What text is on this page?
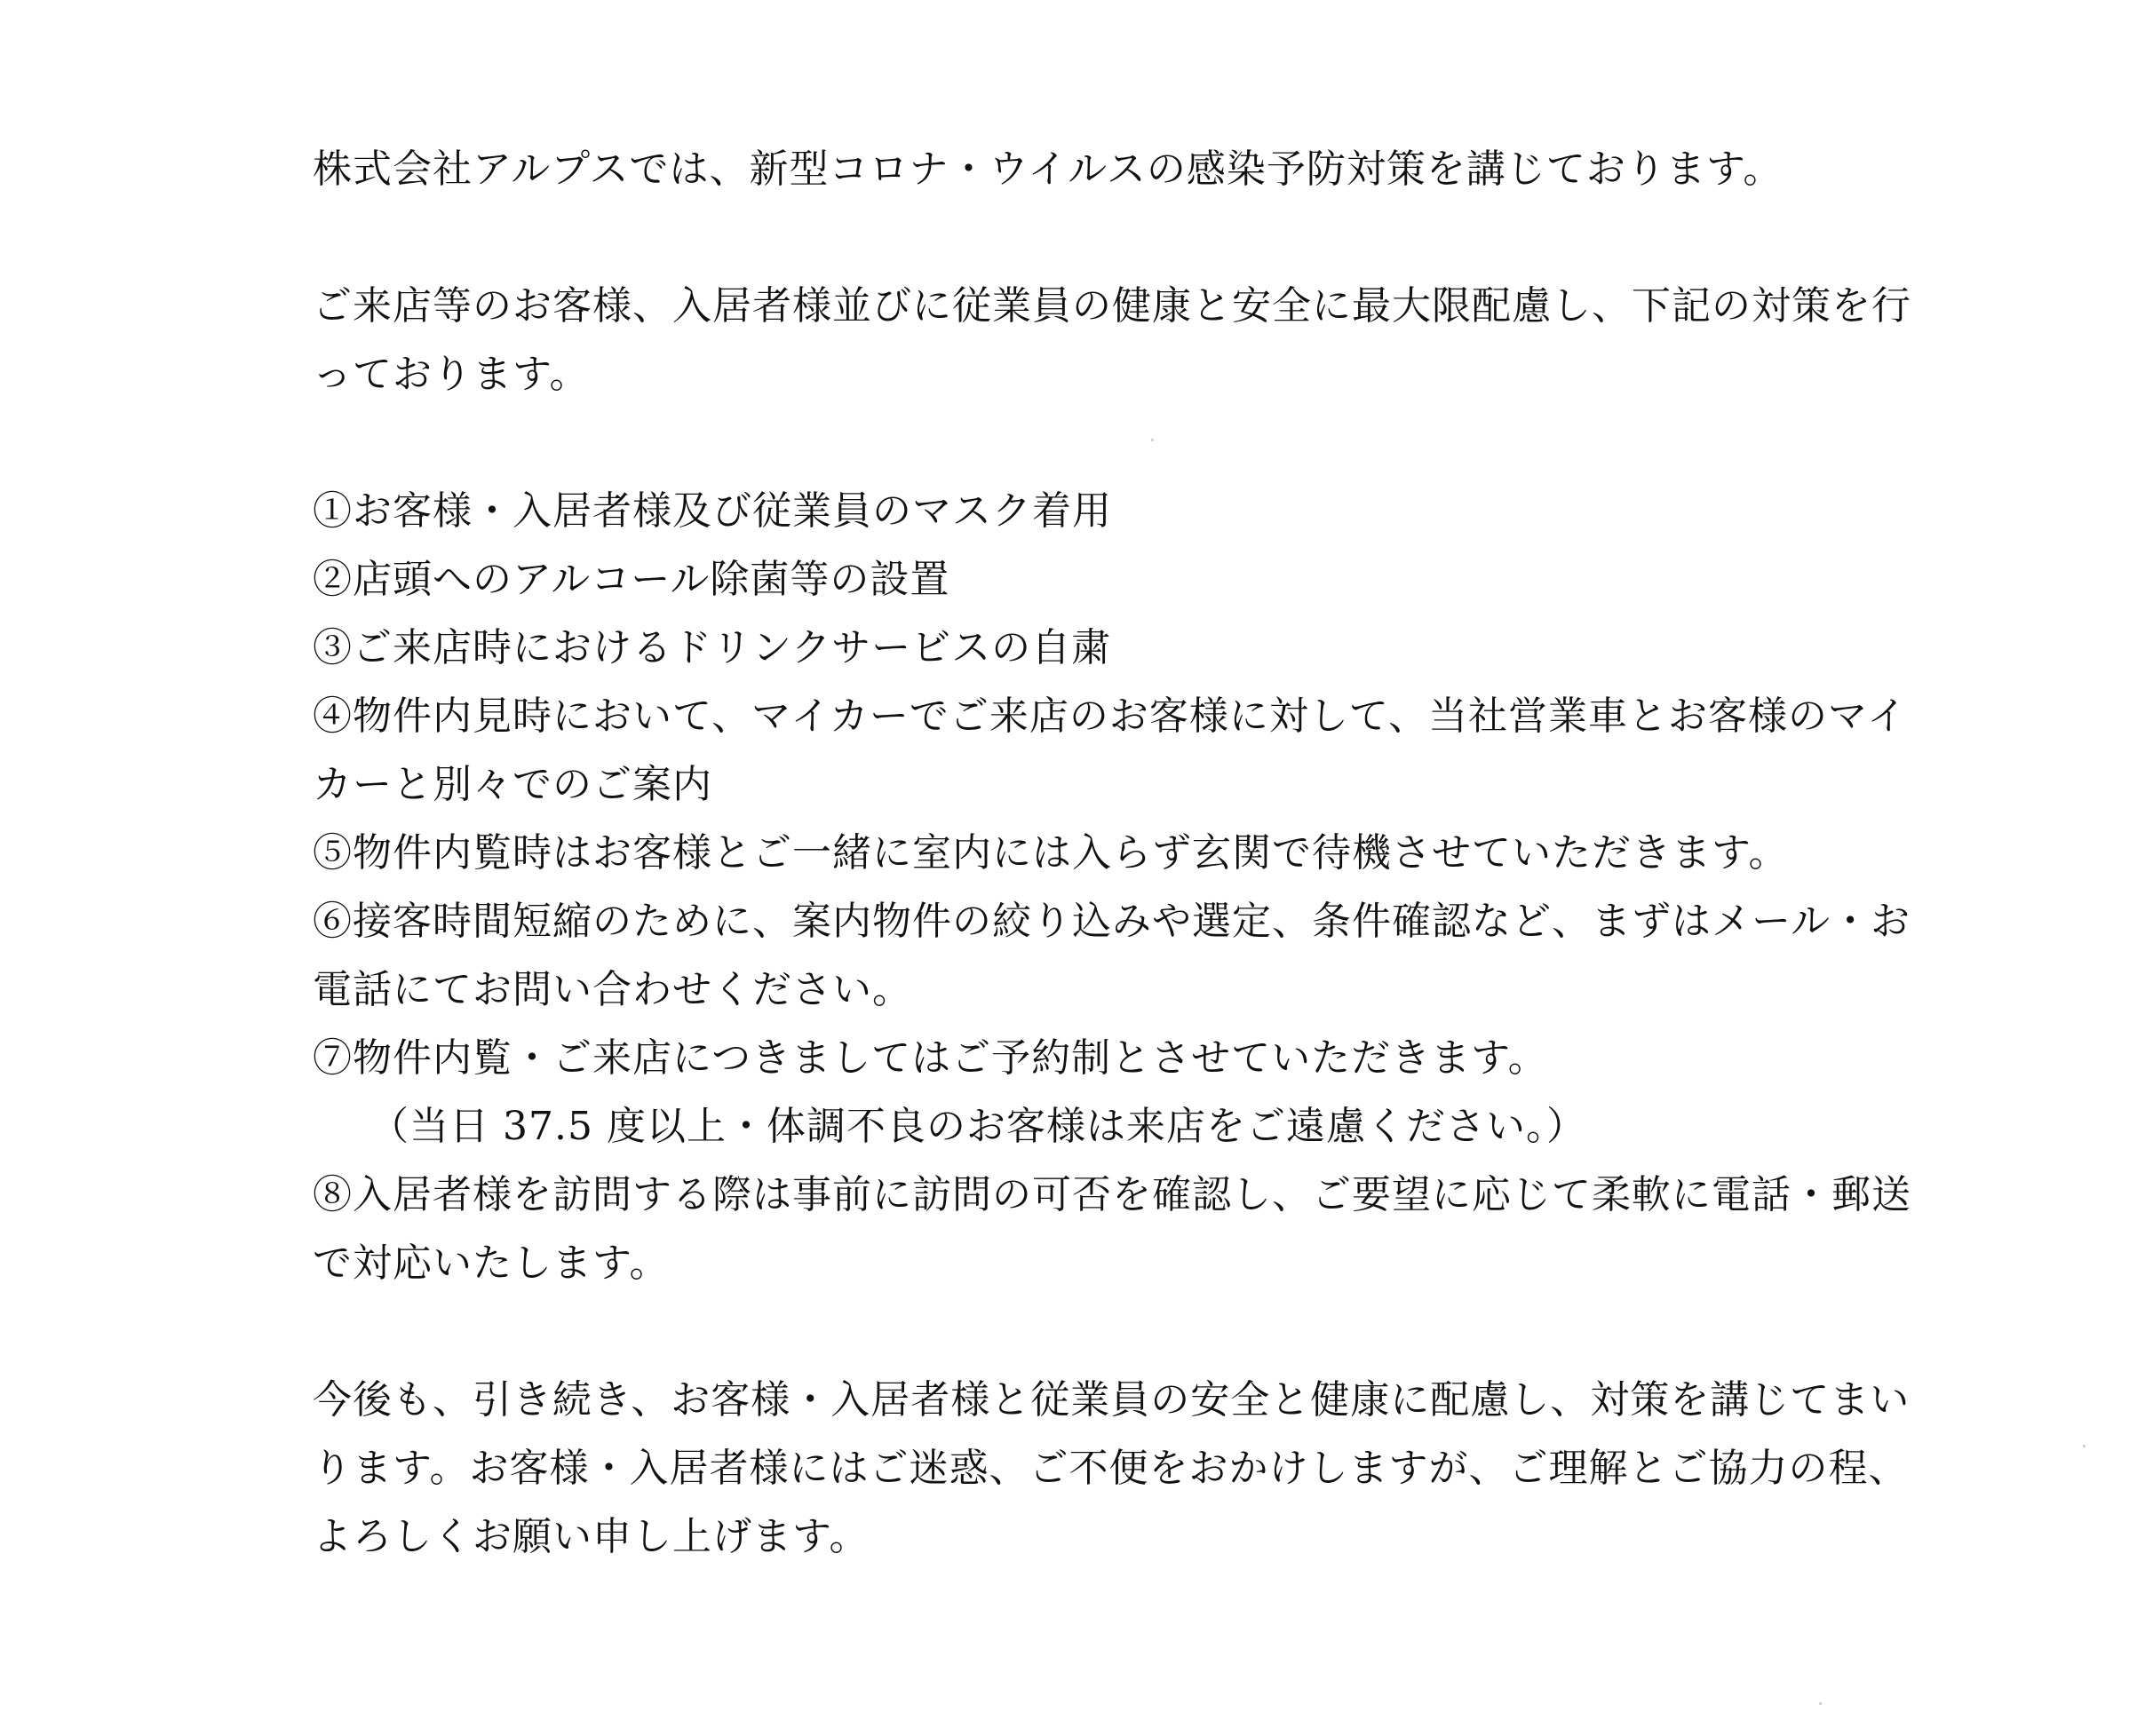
株式会社アルプスでは、新型コロナ・ウイルスの感染予防対策を講じております。
ご来店等のお客様、入居者様並びに従業員の健康と安全に最大限配慮し、下記の対策を行
っております。
①お客様・入居者様及び従業員のマスク着用
②店頭へのアルコール除菌等の設置
③ご来店時におけるドリンクサービスの自粛
④物件内見時において、マイカーでご来店のお客様に対して、当社営業車とお客様のマイ
カーと別々でのご案内
⑤物件内覧時はお客様とご一緒に室内には入らず玄関で待機させていただきます。
⑥接客時間短縮のために、案内物件の絞り込みや選定、条件確認など、まずはメール・お
電話にてお問い合わせください。
⑦物件内覧・ご来店につきましてはご予約制とさせていただきます。
（当日 37.5 度以上・体調不良のお客様は来店をご遠慮ください。）
⑧入居者様を訪問する際は事前に訪問の可否を確認し、ご要望に応じて柔軟に電話・郵送
で対応いたします。
今後も、引き続き、お客様・入居者様と従業員の安全と健康に配慮し、対策を講じてまい
ります。お客様・入居者様にはご迷惑、ご不便をおかけしますが、ご理解とご協力の程、
よろしくお願い申し上げます。
